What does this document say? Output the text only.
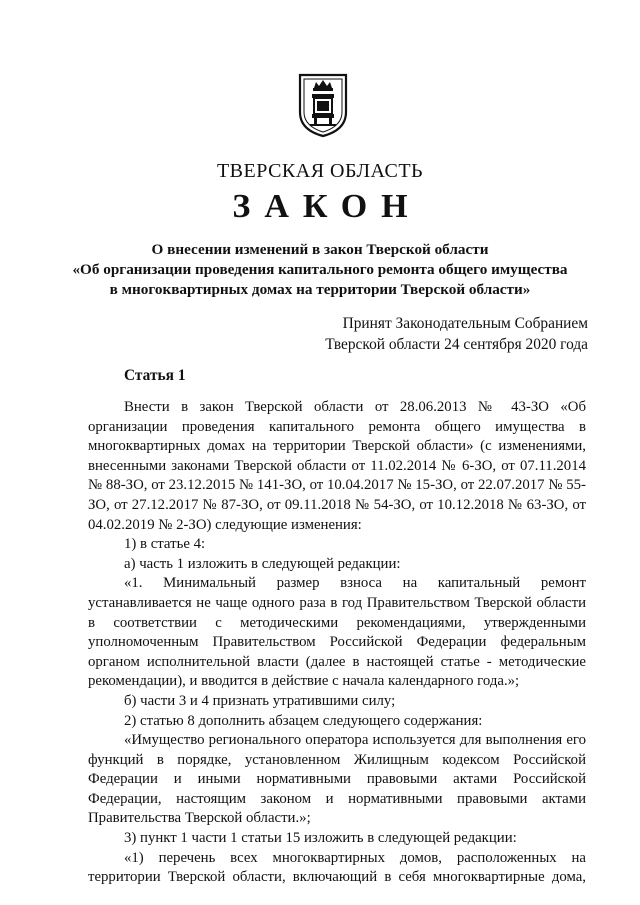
ТВЕРСКАЯ ОБЛАСТЬ
ЗАКОН
О внесении изменений в закон Тверской области
«Об организации проведения капитального ремонта общего имущества
в многоквартирных домах на территории Тверской области»
Принят Законодательным Собранием
Тверской области 24 сентября 2020 года
Статья 1

Внести в закон Тверской области от 28.06.2013 № 43-ЗО «Об организации проведения капитального ремонта общего имущества в многоквартирных домах на территории Тверской области» (с изменениями, внесенными законами Тверской области от 11.02.2014 № 6-ЗО, от 07.11.2014 № 88-ЗО, от 23.12.2015 № 141-ЗО, от 10.04.2017 № 15-ЗО, от 22.07.2017 № 55-ЗО, от 27.12.2017 № 87-ЗО, от 09.11.2018 № 54-ЗО, от 10.12.2018 № 63-ЗО, от 04.02.2019 № 2-ЗО) следующие изменения:

1) в статье 4:

а) часть 1 изложить в следующей редакции:

«1. Минимальный размер взноса на капитальный ремонт устанавливается не чаще одного раза в год Правительством Тверской области в соответствии с методическими рекомендациями, утвержденными уполномоченным Правительством Российской Федерации федеральным органом исполнительной власти (далее в настоящей статье - методические рекомендации), и вводится в действие с начала календарного года.»;

б) части 3 и 4 признать утратившими силу;

2) статью 8 дополнить абзацем следующего содержания:

«Имущество регионального оператора используется для выполнения его функций в порядке, установленном Жилищным кодексом Российской Федерации и иными нормативными правовыми актами Российской Федерации, настоящим законом и нормативными правовыми актами Правительства Тверской области.»;

3) пункт 1 части 1 статьи 15 изложить в следующей редакции:

«1) перечень всех многоквартирных домов, расположенных на территории Тверской области, включающий в себя многоквартирные дома,
